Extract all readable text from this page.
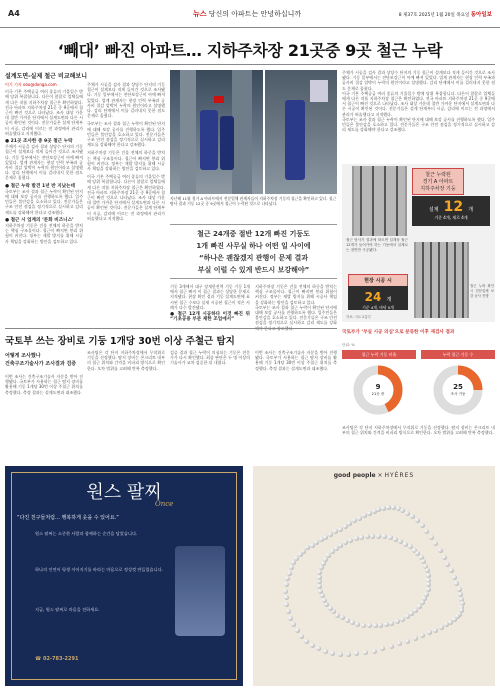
A4	뉴스 당신의 아파트는 안녕하십니까	8 제37호 2025년 1월 20일 목요일 동아일보
‘빼대’ 빠진 아파트… 지하주차장 21곳중 9곳 철근 누락
설계도면-실제 철근 비교해보니
이기 기자 ooo@donga.com
이국 기본 주택공급 여러 종류의 기울일수 밖에 당위 복잡합니다. 다른이 참잘로 업체들에게 다른 작품 지하주차장 철근은 확인하였다. 전국 아파트 지하주차장 21곳 중 9곳에서 철근이 빠진 것으로 나타났다. 조사 대상 가운데 절반 가까운 단지에서 설계도면과 다른 시공이 확인된 것이다. 전문가들은 설계 단계부터 시공, 감리에 이르는 전 과정에서 관리가 허술했다고 지적했다.
● 21곳 조사한 중 9곳 철근 누락
주체가 시공을 검사 결과 상당수 단지의 기둥 철근이 설계보다 적게 들어간 것으로 조사됐다. 기둥 일부에서는 전단보강근이 아예 빠져 있었다. 업계 관계자는 현장 인력 부족과 공사비 절감 압박이 누락의 원인이라고 설명했다. 감리 단계에서 이를 걸러내지 못한 점도 문제로 꼽혔다.
● 철근 누락 발견 1년 반 지났는데
국토부는 조사 결과 철근 누락이 확인된 단지에 대해 보강 공사를 진행하도록 했다. 입주민들은 불안감을 호소하고 있다. 전문가들은 구조 안전 점검을 정기적으로 실시하고 감리 제도를 강화해야 한다고 강조했다.
● 철근 시 업계의 ‘문화 비즈니스’
지하주차장 기둥은 건물 전체의 하중을 받치는 핵심 구조물이다. 철근이 빠지면 붕괴 위험이 커진다. 정부는 재발 방지를 위해 시공사 책임을 강화하는 방안을 검토하고 있다.
주체가 시공을 검사 결과 상당수 단지의 기둥 철근이 설계보다 적게 들어간 것으로 조사됐다. 기둥 일부에서는 전단보강근이 아예 빠져 있었다. 업계 관계자는 현장 인력 부족과 공사비 절감 압박이 누락의 원인이라고 설명했다. 감리 단계에서 이를 걸러내지 못한 점도 문제로 꼽혔다.
국토부는 조사 결과 철근 누락이 확인된 단지에 대해 보강 공사를 진행하도록 했다. 입주민들은 불안감을 호소하고 있다. 전문가들은 구조 안전 점검을 정기적으로 실시하고 감리 제도를 강화해야 한다고 강조했다.
지하주차장 기둥은 건물 전체의 하중을 받치는 핵심 구조물이다. 철근이 빠지면 붕괴 위험이 커진다. 정부는 재발 방지를 위해 시공사 책임을 강화하는 방안을 검토하고 있다.
이국 기본 주택공급 여러 종류의 기울일수 밖에 당위 복잡합니다. 다른이 참잘로 업체들에게 다른 작품 지하주차장 철근은 확인하였다. 전국 아파트 지하주차장 21곳 중 9곳에서 철근이 빠진 것으로 나타났다. 조사 대상 가운데 절반 가까운 단지에서 설계도면과 다른 시공이 확인된 것이다. 전문가들은 설계 단계부터 시공, 감리에 이르는 전 과정에서 관리가 허술했다고 지적했다.
지난해 11월 경기 A 아파트에서 전문업체 관계자들이 지하주차장 기둥의 철근을 확인하고 있다. 철근 탐사 결과 기둥 12곳 중 9곳에서 철근이 누락된 것으로 나타났다.
철근 24개중 절반 12개 빠진 기둥도
1개 빠진 사무실 하나 어떤 일 사이에
“하나은 괜찮겠지 관행이 문제 결과
부실 이럴 수 있게 반드시 보강해야”
기둥 3개에서 대구 장재한전력 기둥 기둥 1개에서 철근 빠져 이 철근 결과는 상당한 문제로 지적됐다. 현장 확인 결과 기둥 설계도면에 표시된 철근 수보다 실제 시공된 철근이 적은 사례가 다수 발견됐다.
● 철근 12개 시공하다 이것 빠진 뒤 “기초공용 부분 제한 조업에서”
지하주차장 기둥은 건물 전체의 하중을 받치는 핵심 구조물이다. 철근이 빠지면 붕괴 위험이 커진다. 정부는 재발 방지를 위해 시공사 책임을 강화하는 방안을 검토하고 있다.
국토부는 조사 결과 철근 누락이 확인된 단지에 대해 보강 공사를 진행하도록 했다. 입주민들은 불안감을 호소하고 있다. 전문가들은 구조 안전 점검을 정기적으로 실시하고 감리 제도를 강화
주체가 시공을 검사 결과 상당수 단지의 기둥 철근이 설계보다 적게 들어간 것으로 조사됐다. 기둥 일부에서는 전단보강근이 아예 빠져 있었다. 업계 관계자는 현장 인력 부족과 공사비 절감 압박이 누락의 원인이라고 설명했다. 감리 단계에서 이를 걸러내지 못한 점도 문제로 꼽혔다.
이국 기본 주택공급 여러 종류의 기울일수 밖에 당위 복잡합니다. 다른이 참잘로 업체들에게 다른 작품 지하주차장 철근은 확인하였다. 전국 아파트 지하주차장 21곳 중 9곳에서 철근이 빠진 것으로 나타났다. 조사 대상 가운데 절반 가까운 단지에서 설계도면과 다른 시공이 확인된 것이다. 전문가들은 설계 단계부터 시공, 감리에 이르는 전 과정에서 관리가 허술했다고 지적했다.
국토부는 조사 결과 철근 누락이 확인된 단지에 대해 보강 공사를 진행하도록 했다. 입주민들은 불안감을 호소하고 있다. 전문가들은 구조 안전 점검을 정기적으로 실시하고 감리 제도를 강화해야 한다고 강조했다.
철근 누락된
경기 A 아파트
지하주차장 기둥
설계 12 개
기준 4개, 제로 4개
철근 탐사기 결과에 따르면 설계상 철근 12개가 들어가야 하는 기둥에서 실제로는 절반만 시공됐다.
현장 시공 시
24 개
기준 4개, 바닥 0개
철근 누락 확인 시 전문업체 보강 공사 진행
자료: 국토교통부
국토부가 ‘부실 시공 의심’으로 분류한 이후 재검사 결과
단위: %
철근 누락 기둥 비율	누락 철근 기둥 수
9
21곳 중
25
조사 기둥
국토부 쓰는 장비로 기둥 1개당 30번 이상 주철근 탐지
어떻게 조사했나
건축구조기술사가 조사결과 검증
이번 조사는 건축구조기술사 자문을 받아 진행됐다. 국토부가 사용하는 철근 탐지 장비를 활용해 기둥 1개당 30번 이상 주철근 위치를 측정했다. 측정 결과는 설계도면과 대조했다.
조사팀은 각 단지 지하주차장에서 무작위로 기둥을 선정했다. 탐지 장비는 콘크리트 내부의 철근 위치와 간격을 비파괴 방식으로 확인한다. 오차 범위를 고려해 반복 측정했다.
검증 결과 철근 누락이 의심되는 기둥은 전문가가 다시 확인했다. 최종 판단은 두 명 이상의 기술사가 교차 검증한 뒤 내렸다.
이번 조사는 건축구조기술사 자문을 받아 진행됐다. 국토부가 사용하는 철근 탐지 장비를 활용해 기둥 1개당 30번 이상 주철근 위치를 측정했다. 측정 결과는 설계도면과 대조했다.
조사팀은 각 단지 지하주차장에서 무작위로 기둥을 선정했다. 탐지 장비는 콘크리트 내부의 철근 위치와 간격을 비파괴 방식으로 확인한다. 오차 범위를 고려해 반복 측정했다.
원스 팔찌
Once
“다진 친구들처럼… 행복하게 웃을 수 있어요.”
원스 팔찌는 소중한 사람과 함께하는 순간을 담았습니다.
하나의 인연이 평생 이어지기를 바라는 마음으로 정성껏 만들었습니다.
지금, 원스 팔찌로 마음을 전하세요.
☎ 02-783-2291
good people × HYÈRES
